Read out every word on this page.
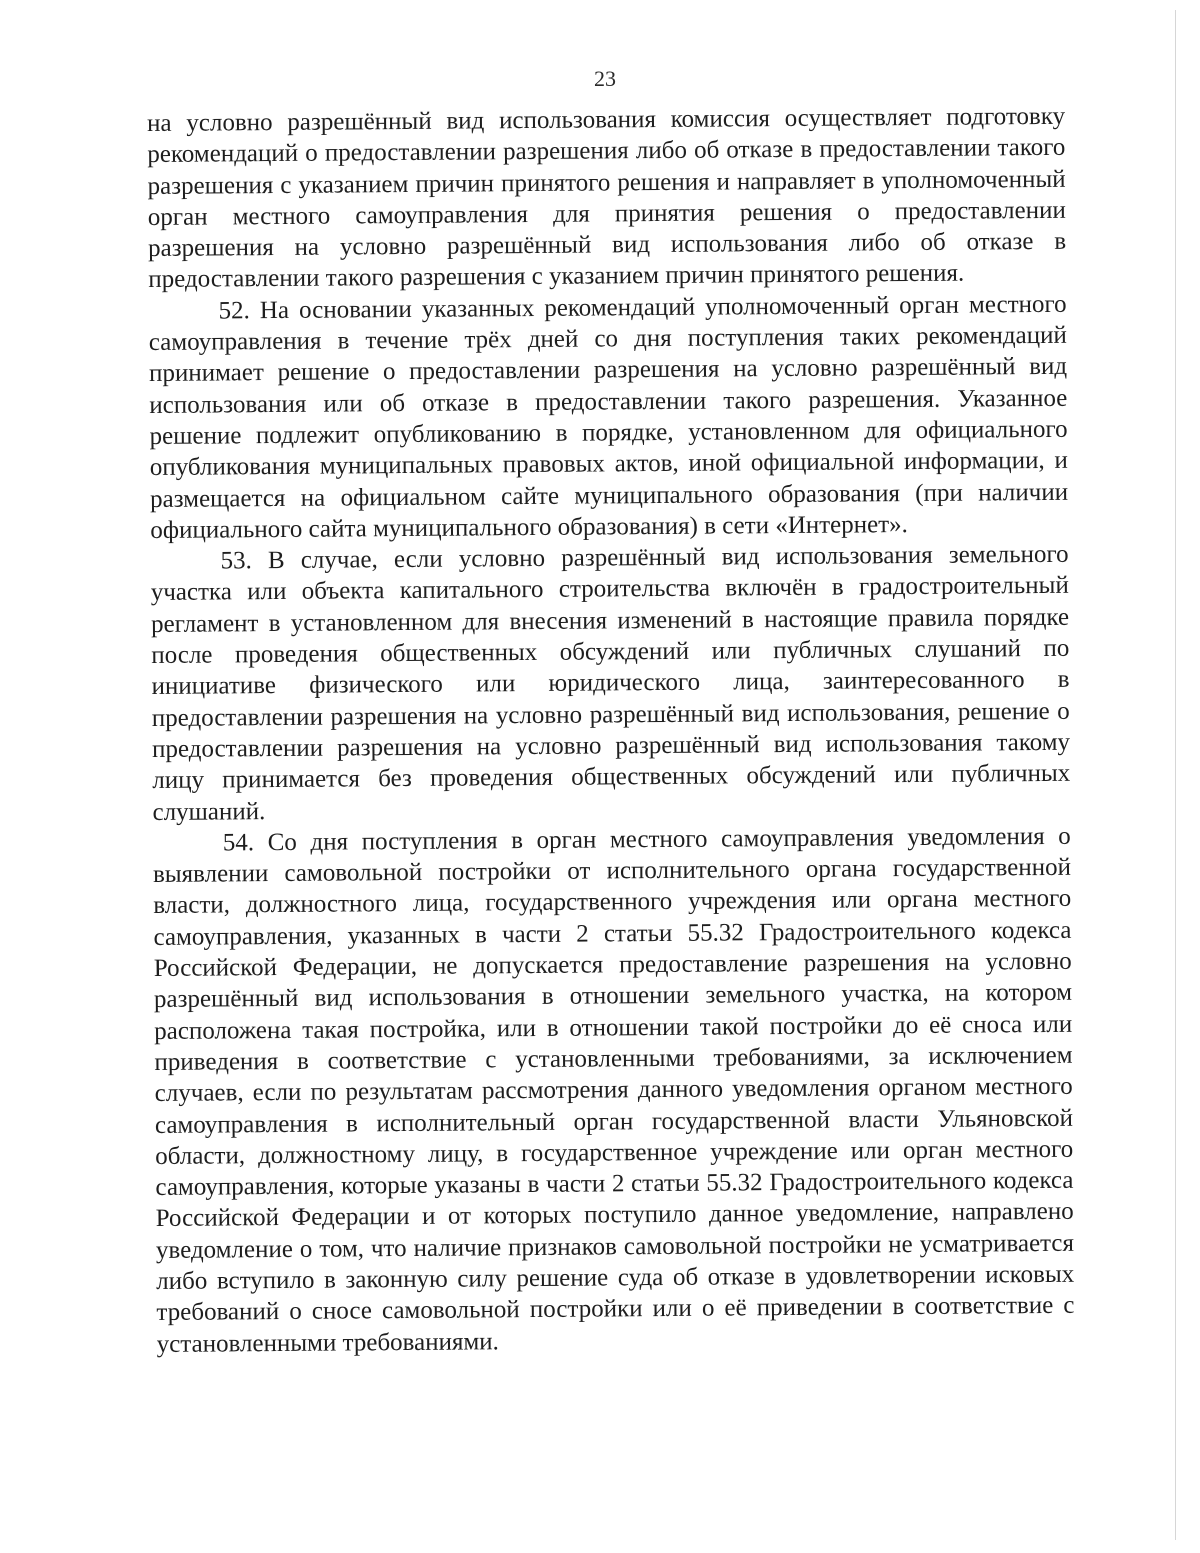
23

на условно разрешённый вид использования комиссия осуществляет подготовку рекомендаций о предоставлении разрешения либо об отказе в предоставлении такого разрешения с указанием причин принятого решения и направляет в уполномоченный орган местного самоуправления для принятия решения о предоставлении разрешения на условно разрешённый вид использования либо об отказе в предоставлении такого разрешения с указанием причин принятого решения.

52. На основании указанных рекомендаций уполномоченный орган местного самоуправления в течение трёх дней со дня поступления таких рекомендаций принимает решение о предоставлении разрешения на условно разрешённый вид использования или об отказе в предоставлении такого разрешения. Указанное решение подлежит опубликованию в порядке, установленном для официального опубликования муниципальных правовых актов, иной официальной информации, и размещается на официальном сайте муниципального образования (при наличии официального сайта муниципального образования) в сети «Интернет».

53. В случае, если условно разрешённый вид использования земельного участка или объекта капитального строительства включён в градостроительный регламент в установленном для внесения изменений в настоящие правила порядке после проведения общественных обсуждений или публичных слушаний по инициативе физического или юридического лица, заинтересованного в предоставлении разрешения на условно разрешённый вид использования, решение о предоставлении разрешения на условно разрешённый вид использования такому лицу принимается без проведения общественных обсуждений или публичных слушаний.

54. Со дня поступления в орган местного самоуправления уведомления о выявлении самовольной постройки от исполнительного органа государственной власти, должностного лица, государственного учреждения или органа местного самоуправления, указанных в части 2 статьи 55.32 Градостроительного кодекса Российской Федерации, не допускается предоставление разрешения на условно разрешённый вид использования в отношении земельного участка, на котором расположена такая постройка, или в отношении такой постройки до её сноса или приведения в соответствие с установленными требованиями, за исключением случаев, если по результатам рассмотрения данного уведомления органом местного самоуправления в исполнительный орган государственной власти Ульяновской области, должностному лицу, в государственное учреждение или орган местного самоуправления, которые указаны в части 2 статьи 55.32 Градостроительного кодекса Российской Федерации и от которых поступило данное уведомление, направлено уведомление о том, что наличие признаков самовольной постройки не усматривается либо вступило в законную силу решение суда об отказе в удовлетворении исковых требований о сносе самовольной постройки или о её приведении в соответствие с установленными требованиями.
